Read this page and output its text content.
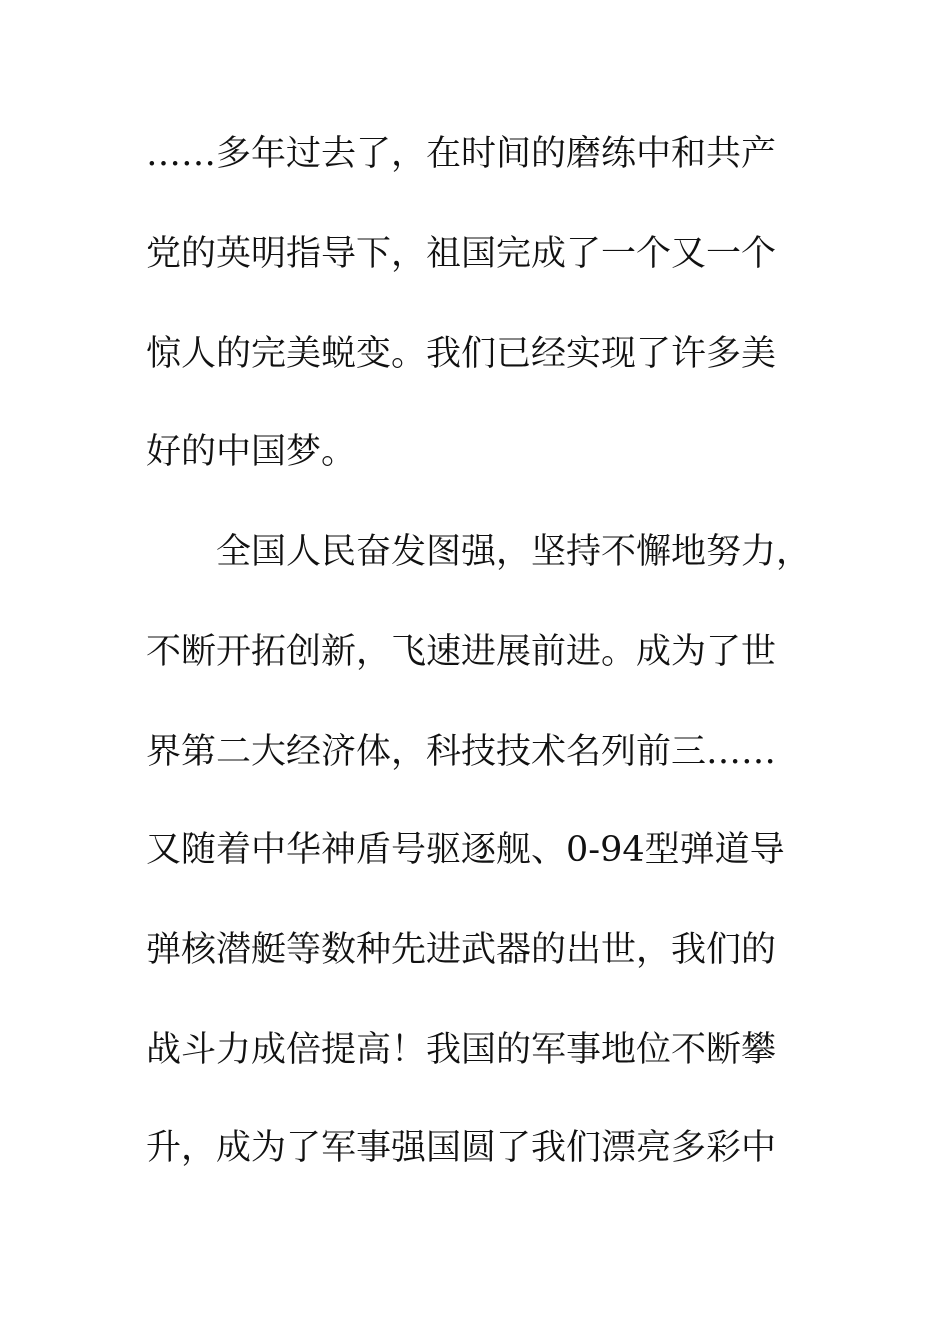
……多年过去了，在时间的磨练中和共产
党的英明指导下，祖国完成了一个又一个
惊人的完美蜕变。我们已经实现了许多美
好的中国梦。
全国人民奋发图强，坚持不懈地努力，
不断开拓创新，飞速进展前进。成为了世
界第二大经济体，科技技术名列前三……
又随着中华神盾号驱逐舰、0-94型弹道导
弹核潜艇等数种先进武器的出世，我们的
战斗力成倍提高！我国的军事地位不断攀
升，成为了军事强国圆了我们漂亮多彩中
